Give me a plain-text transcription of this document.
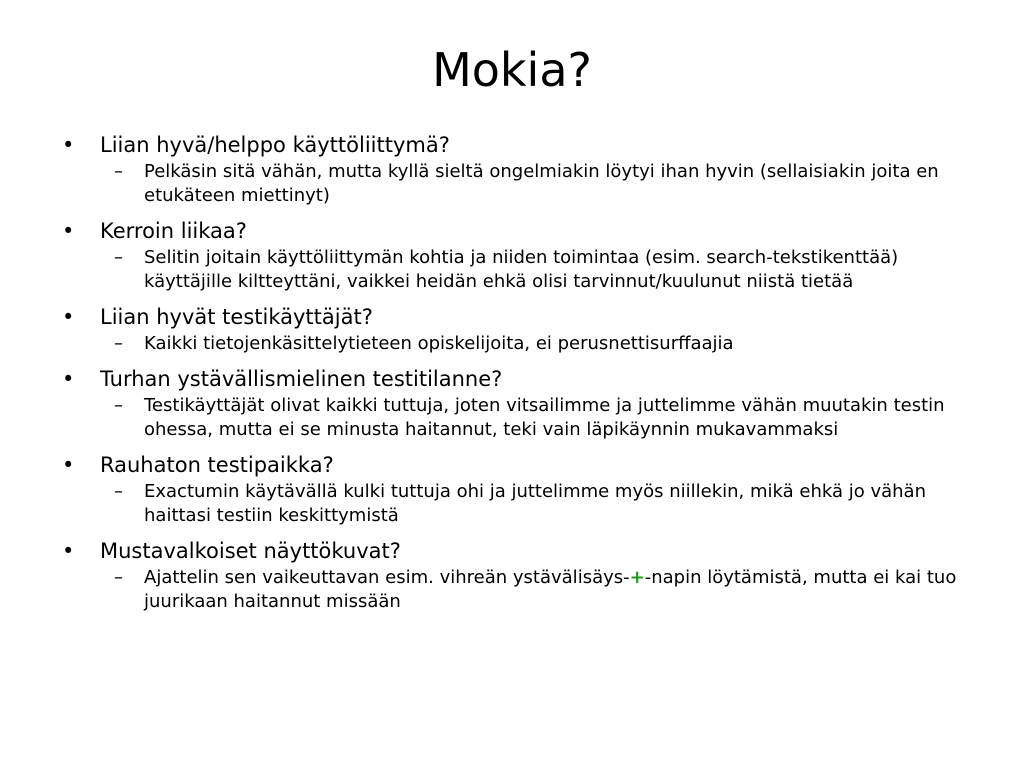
Mokia?
• Liian hyvä/helppo käyttöliittymä?
– Pelkäsin sitä vähän, mutta kyllä sieltä ongelmiakin löytyi ihan hyvin (sellaisiakin joita en etukäteen miettinyt)
• Kerroin liikaa?
– Selitin joitain käyttöliittymän kohtia ja niiden toimintaa (esim. search-tekstikenttää) käyttäjille kiltteyttäni, vaikkei heidän ehkä olisi tarvinnut/kuulunut niistä tietää
• Liian hyvät testikäyttäjät?
– Kaikki tietojenkäsittelytieteen opiskelijoita, ei perusnettisurffaajia
• Turhan ystävällismielinen testitilanne?
– Testikäyttäjät olivat kaikki tuttuja, joten vitsailimme ja juttelimme vähän muutakin testin ohessa, mutta ei se minusta haitannut, teki vain läpikäynnin mukavammaksi
• Rauhaton testipaikka?
– Exactumin käytävällä kulki tuttuja ohi ja juttelimme myös niillekin, mikä ehkä jo vähän haittasi testiin keskittymistä
• Mustavalkoiset näyttökuvat?
– Ajattelin sen vaikeuttavan esim. vihreän ystävälisäys-+-napin löytämistä, mutta ei kai tuo juurikaan haitannut missään
